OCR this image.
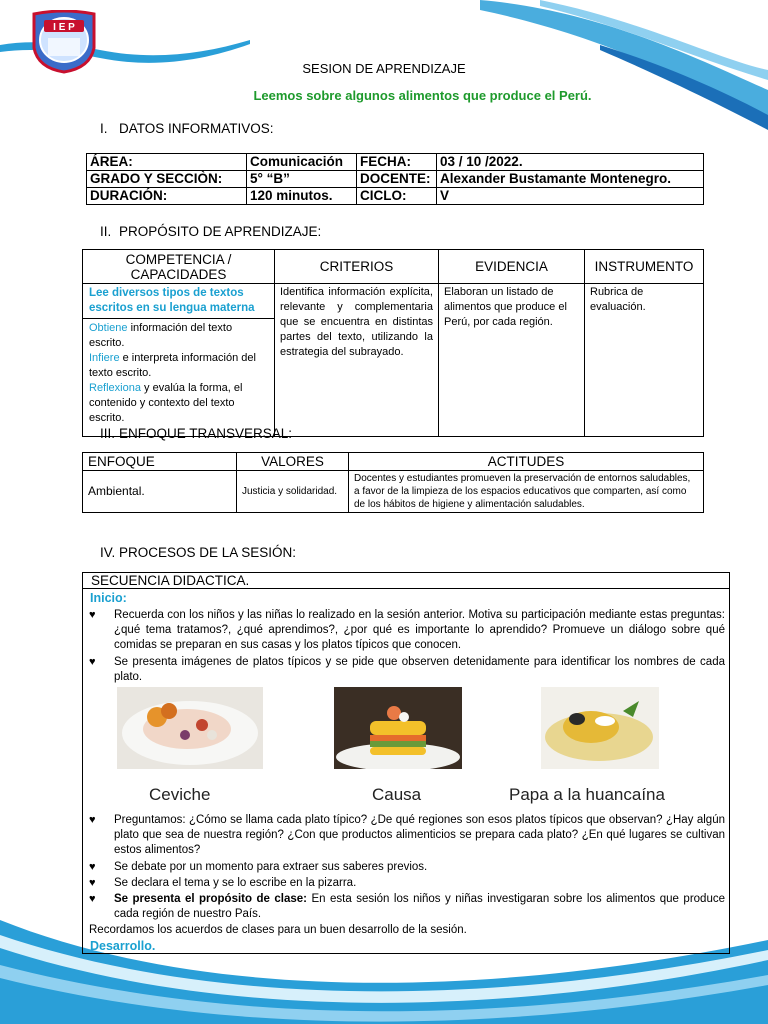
I E P
SESION DE APRENDIZAJE
Leemos sobre algunos alimentos que produce el Perú.
I. DATOS INFORMATIVOS:
ÁREA:	Comunicación	FECHA:	03 / 10 /2022.
GRADO Y SECCIÒN:	5° “B”	DOCENTE:	Alexander Bustamante Montenegro.
DURACIÓN:	120 minutos.	CICLO:	V
II. PROPÓSITO DE APRENDIZAJE:
COMPETENCIA / CAPACIDADES	CRITERIOS	EVIDENCIA	INSTRUMENTO

Lee diversos tipos de textos escritos en su lengua materna
Obtiene información del texto escrito.
Infiere e interpreta información del texto escrito.
Reflexiona y evalúa la forma, el contenido y contexto del texto escrito.	Identifica información explícita, relevante y complementaria que se encuentra en distintas partes del texto, utilizando la estrategia del subrayado.	Elaboran un listado de alimentos que produce el Perú, por cada región.	Rubrica de evaluación.
III. ENFOQUE TRANSVERSAL:
ENFOQUE	VALORES	ACTITUDES
Ambiental.	Justicia y solidaridad.	Docentes y estudiantes promueven la preservación de entornos saludables, a favor de la limpieza de los espacios educativos que comparten, así como de los hábitos de higiene y alimentación saludables.
IV. PROCESOS DE LA SESIÓN:
SECUENCIA DIDACTICA.
Inicio:
♥ Recuerda con los niños y las niñas lo realizado en la sesión anterior. Motiva su participación mediante estas preguntas: ¿qué tema tratamos?, ¿qué aprendimos?, ¿por qué es importante lo aprendido? Promueve un diálogo sobre qué comidas se preparan en sus casas y los platos típicos que conocen.
♥ Se presenta imágenes de platos típicos y se pide que observen detenidamente para identificar los nombres de cada plato.
Ceviche	Causa	Papa a la huancaína
♥ Preguntamos: ¿Cómo se llama cada plato típico? ¿De qué regiones son esos platos típicos que observan? ¿Hay algún plato que sea de nuestra región? ¿Con que productos alimenticios se prepara cada plato? ¿En qué lugares se cultivan estos alimentos?
♥ Se debate por un momento para extraer sus saberes previos.
♥ Se declara el tema y se lo escribe en la pizarra.
♥ Se presenta el propósito de clase: En esta sesión los niños y niñas investigaran sobre los alimentos que produce cada región de nuestro País.
Recordamos los acuerdos de clases para un buen desarrollo de la sesión.
Desarrollo.
